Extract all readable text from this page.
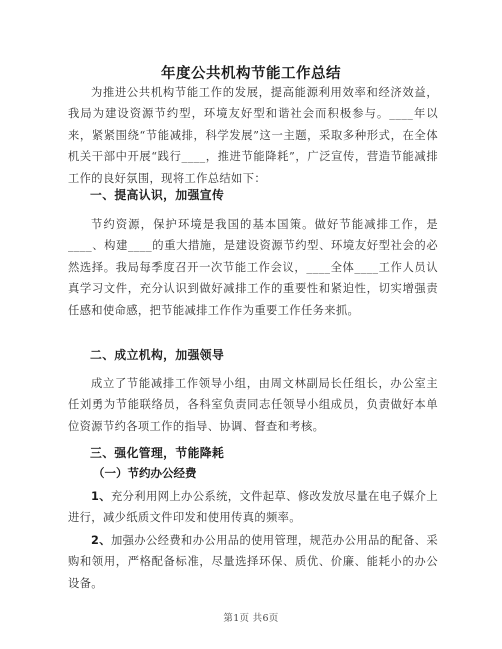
年度公共机构节能工作总结
为推进公共机构节能工作的发展，提高能源利用效率和经济效益，我局为建设资源节约型，环境友好型和谐社会而积极参与。____年以来，紧紧围绕“节能减排，科学发展”这一主题，采取多种形式，在全体机关干部中开展“践行____，推进节能降耗”，广泛宣传，营造节能减排工作的良好氛围，现将工作总结如下：
一、提高认识，加强宣传
节约资源，保护环境是我国的基本国策。做好节能减排工作，是____、构建____的重大措施，是建设资源节约型、环境友好型社会的必然选择。我局每季度召开一次节能工作会议，____全体____工作人员认真学习文件，充分认识到做好减排工作的重要性和紧迫性，切实增强责任感和使命感，把节能减排工作作为重要工作任务来抓。
二、成立机构，加强领导
成立了节能减排工作领导小组，由周文林副局长任组长，办公室主任刘勇为节能联络员，各科室负责同志任领导小组成员，负责做好本单位资源节约各项工作的指导、协调、督查和考核。
三、强化管理，节能降耗
（一）节约办公经费
1、充分利用网上办公系统，文件起草、修改发放尽量在电子媒介上进行，减少纸质文件印发和使用传真的频率。
2、加强办公经费和办公用品的使用管理，规范办公用品的配备、采购和领用，严格配备标准，尽量选择环保、质优、价廉、能耗小的办公设备。
第1页 共6页
